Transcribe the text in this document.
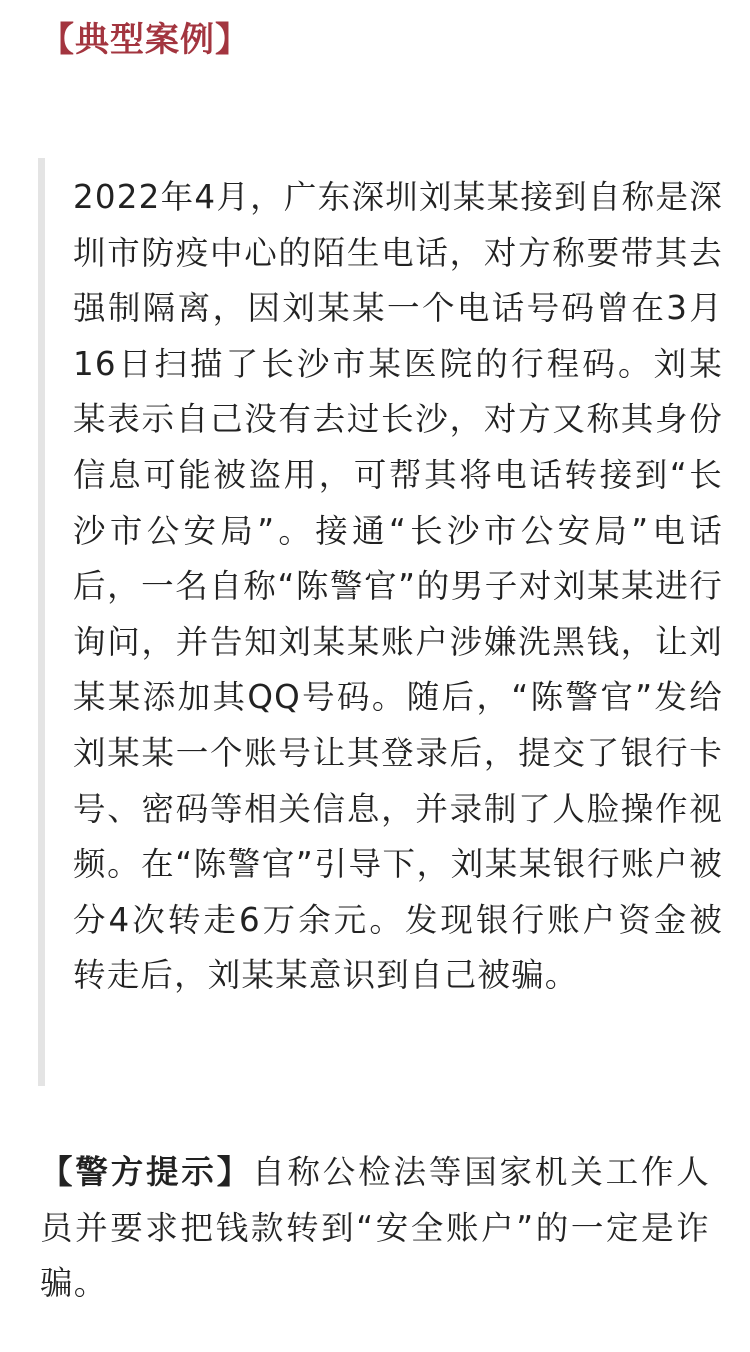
【典型案例】

2022年4月，广东深圳刘某某接到自称是深圳市防疫中心的陌生电话，对方称要带其去强制隔离，因刘某某一个电话号码曾在3月16日扫描了长沙市某医院的行程码。刘某某表示自己没有去过长沙，对方又称其身份信息可能被盗用，可帮其将电话转接到“长沙市公安局”。接通“长沙市公安局”电话后，一名自称“陈警官”的男子对刘某某进行询问，并告知刘某某账户涉嫌洗黑钱，让刘某某添加其QQ号码。随后，“陈警官”发给刘某某一个账号让其登录后，提交了银行卡号、密码等相关信息，并录制了人脸操作视频。在“陈警官”引导下，刘某某银行账户被分4次转走6万余元。发现银行账户资金被转走后，刘某某意识到自己被骗。

【警方提示】自称公检法等国家机关工作人员并要求把钱款转到“安全账户”的一定是诈骗。
